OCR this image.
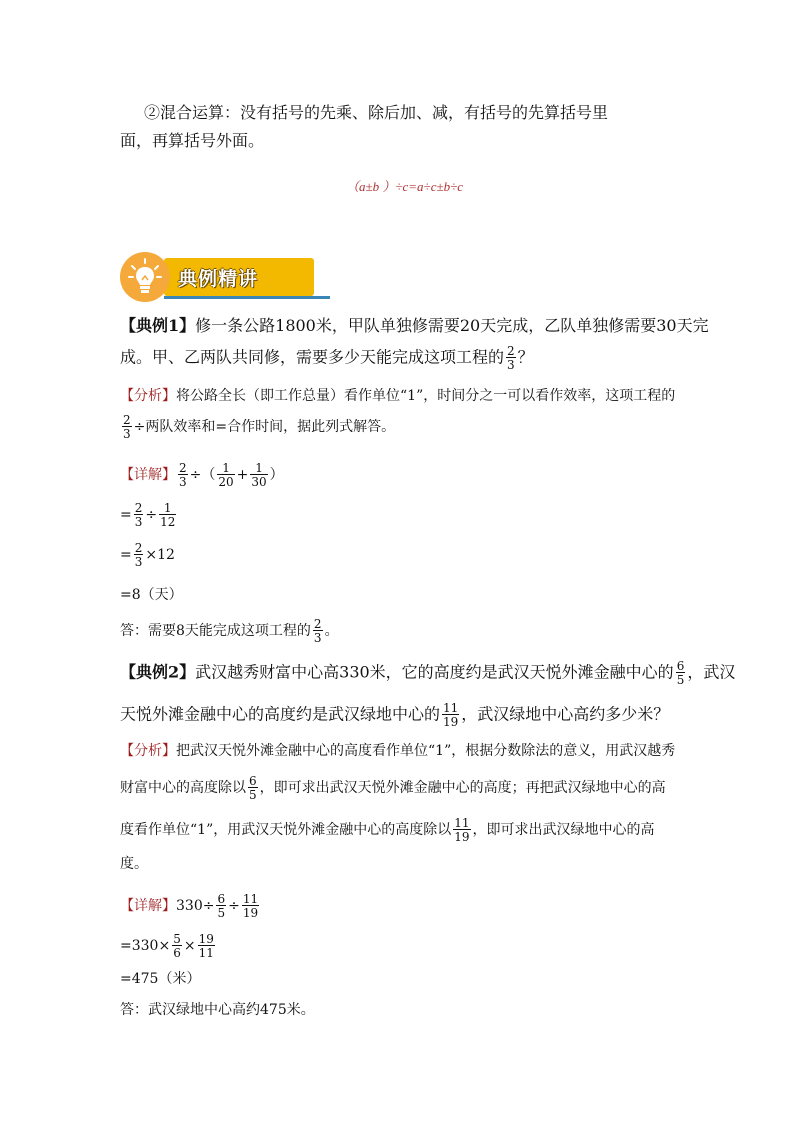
②混合运算：没有括号的先乘、除后加、减，有括号的先算括号里
面，再算括号外面。
（a±b ）÷c=a÷c±b÷c
典例精讲
【典例1】修一条公路1800米，甲队单独修需要20天完成，乙队单独修需要30天完
成。甲、乙两队共同修，需要多少天能完成这项工程的 $\frac{2}{3}$ ？
【分析】将公路全长（即工作总量）看作单位“1”，时间分之一可以看作效率，这项工程的
$\frac{2}{3}$ ÷两队效率和=合作时间，据此列式解答。
【详解】 $\frac{2}{3}$ ÷（ $\frac{1}{20} + \frac{1}{30}$ ）
= $\frac{2}{3} \div \frac{1}{12}$
= $\frac{2}{3} \times 12$
=8（天）
答：需要8天能完成这项工程的 $\frac{2}{3}$ 。
【典例2】武汉越秀财富中心高330米，它的高度约是武汉天悦外滩金融中心的 $\frac{6}{5}$ ，武汉
天悦外滩金融中心的高度约是武汉绿地中心的 $\frac{11}{19}$ ，武汉绿地中心高约多少米？
【分析】把武汉天悦外滩金融中心的高度看作单位“1”，根据分数除法的意义，用武汉越秀
财富中心的高度除以 $\frac{6}{5}$ ，即可求出武汉天悦外滩金融中心的高度；再把武汉绿地中心的高
度看作单位“1”，用武汉天悦外滩金融中心的高度除以 $\frac{11}{19}$ ，即可求出武汉绿地中心的高
度。
【详解】$330\div \frac{6}{5} \div \frac{11}{19}$
$=330\times \frac{5}{6} \times \frac{19}{11}$
=475（米）
答：武汉绿地中心高约475米。
